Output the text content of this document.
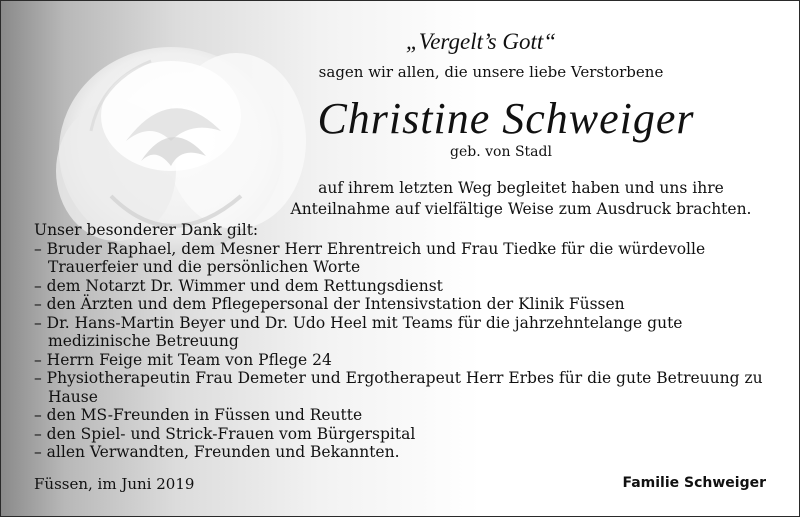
„Vergelt’s Gott“
sagen wir allen, die unsere liebe Verstorbene
Christine Schweiger
geb. von Stadl
auf ihrem letzten Weg begleitet haben und uns ihre
Anteilnahme auf vielfältige Weise zum Ausdruck brachten.

Unser besonderer Dank gilt:

– Bruder Raphael, dem Mesner Herr Ehrentreich und Frau Tiedke für die würdevolle Trauerfeier und die persönlichen Worte
– dem Notarzt Dr. Wimmer und dem Rettungsdienst
– den Ärzten und dem Pflegepersonal der Intensivstation der Klinik Füssen
– Dr. Hans-Martin Beyer und Dr. Udo Heel mit Teams für die jahrzehntelange gute medizinische Betreuung
– Herrn Feige mit Team von Pflege 24
– Physiotherapeutin Frau Demeter und Ergotherapeut Herr Erbes für die gute Betreuung zu Hause
– den MS-Freunden in Füssen und Reutte
– den Spiel- und Strick-Frauen vom Bürgerspital
– allen Verwandten, Freunden und Bekannten.
Füssen, im Juni 2019	Familie Schweiger
